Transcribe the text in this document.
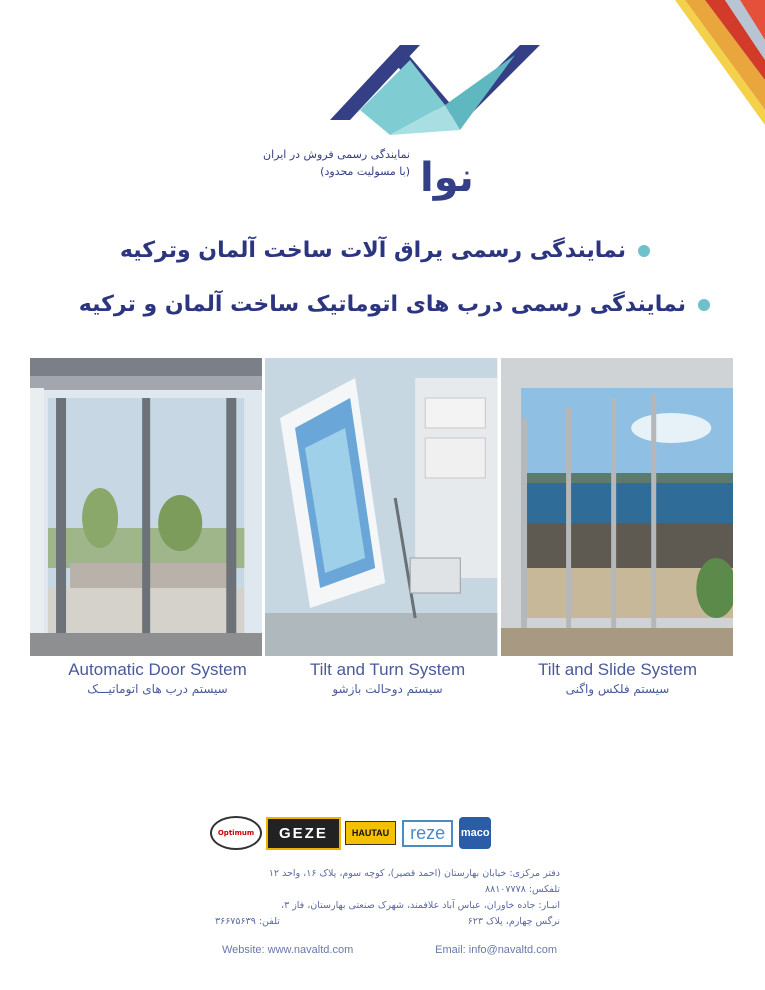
نوا
نمایندگی رسمی فروش در ایران
(با مسولیت محدود)
نمایندگی رسمی یراق آلات ساخت آلمان وترکیه
نمایندگی رسمی درب های اتوماتیک ساخت آلمان و ترکیه
Automatic Door System
سیستم درب های اتوماتیـــک
Tilt and Turn System
سیستم دوحالت بازشو
Tilt and Slide System
سیستم فلکس واگنی
Optimum	GEZE	HAUTAU	reze	maco
دفتر مرکزی: خیابان بهارستان (احمد قصیر)، کوچه سوم، پلاک ۱۶، واحد ۱۲
تلفکس: ۸۸۱۰۷۷۷۸
انبـار: جاده خاوران، عباس آباد علافمند، شهرک صنعتی بهارستان، فاز ۳،
نرگس چهارم، پلاک ۶۲۳
تلفن: ۳۶۶۷۵۶۳۹
Website: www.navaltd.com	Email: info@navaltd.com
